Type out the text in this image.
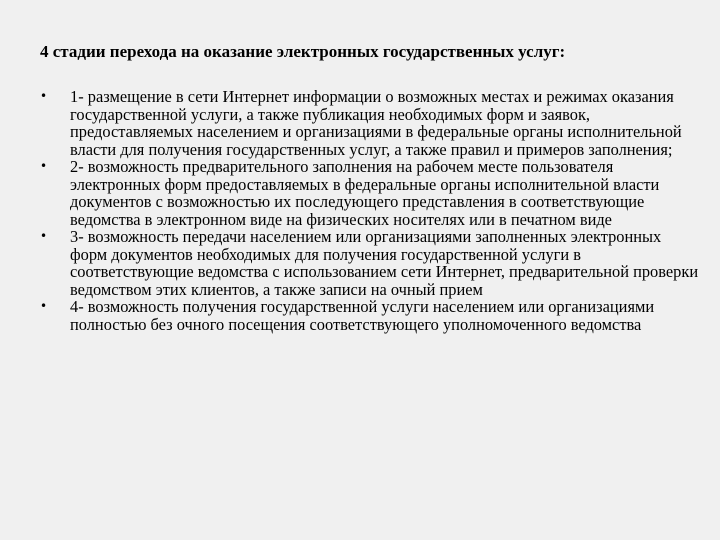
4 стадии перехода на оказание электронных государственных услуг:
•	1- размещение в сети Интернет информации о возможных местах и режимах оказания государственной услуги, а также публикация необходимых форм и заявок, предоставляемых населением и организациями в федеральные органы исполнительной власти для получения государственных услуг, а также правил и примеров заполнения;
•	2- возможность предварительного заполнения на рабочем месте пользователя электронных форм предоставляемых в федеральные органы исполнительной власти документов с возможностью их последующего представления в соответствующие ведомства в электронном виде на физических носителях или в печатном виде
•	3- возможность передачи населением или организациями заполненных электронных форм документов необходимых для получения государственной услуги в соответствующие ведомства с использованием сети Интернет, предварительной проверки ведомством этих клиентов, а также записи на очный прием
•	4- возможность получения государственной услуги населением или организациями полностью без очного посещения соответствующего уполномоченного ведомства
